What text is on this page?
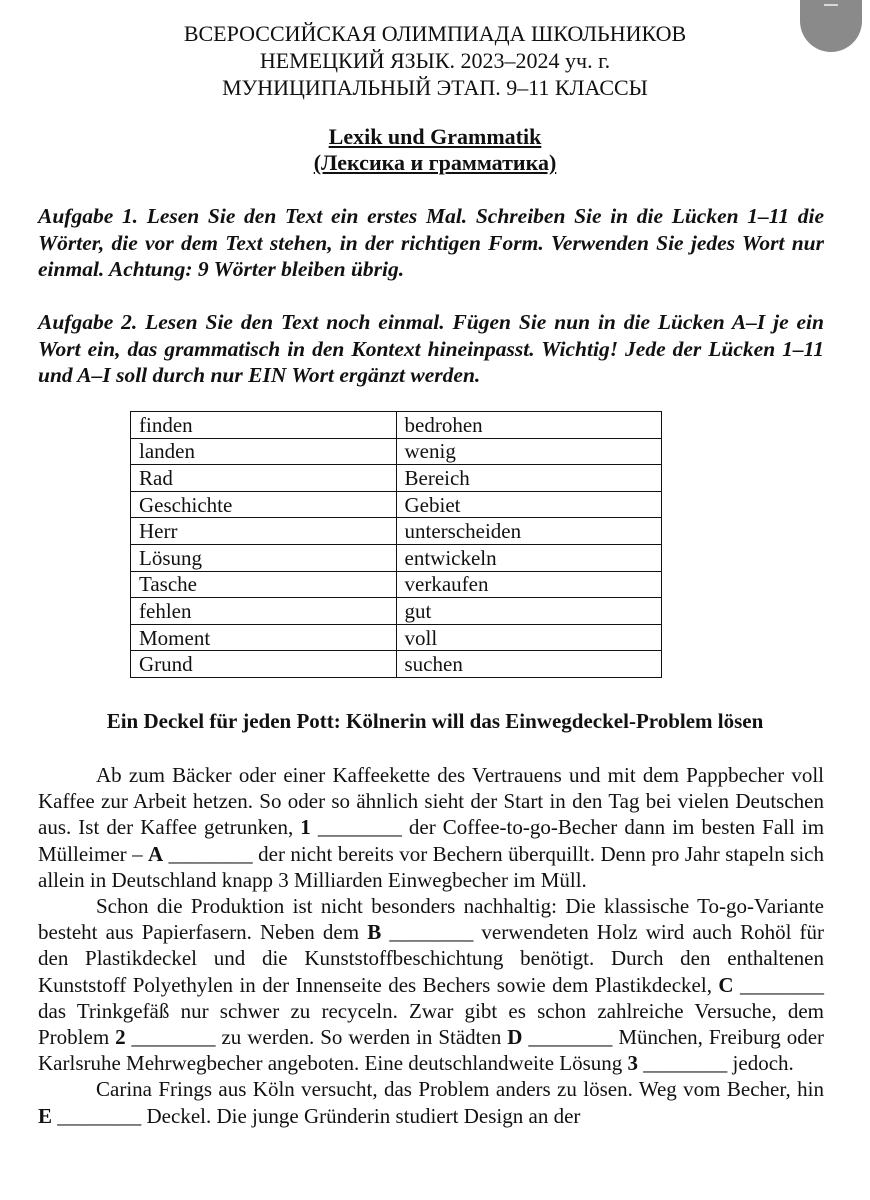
ВСЕРОССИЙСКАЯ ОЛИМПИАДА ШКОЛЬНИКОВ
НЕМЕЦКИЙ ЯЗЫК. 2023–2024 уч. г.
МУНИЦИПАЛЬНЫЙ ЭТАП. 9–11 КЛАССЫ
Lexik und Grammatik
(Лексика и грамматика)
Aufgabe 1. Lesen Sie den Text ein erstes Mal. Schreiben Sie in die Lücken 1–11 die Wörter, die vor dem Text stehen, in der richtigen Form. Verwenden Sie jedes Wort nur einmal. Achtung: 9 Wörter bleiben übrig.
Aufgabe 2. Lesen Sie den Text noch einmal. Fügen Sie nun in die Lücken A–I je ein Wort ein, das grammatisch in den Kontext hineinpasst. Wichtig! Jede der Lücken 1–11 und A–I soll durch nur EIN Wort ergänzt werden.
finden	bedrohen
landen	wenig
Rad	Bereich
Geschichte	Gebiet
Herr	unterscheiden
Lösung	entwickeln
Tasche	verkaufen
fehlen	gut
Moment	voll
Grund	suchen
Ein Deckel für jeden Pott: Kölnerin will das Einwegdeckel-Problem lösen

Ab zum Bäcker oder einer Kaffeekette des Vertrauens und mit dem Pappbecher voll Kaffee zur Arbeit hetzen. So oder so ähnlich sieht der Start in den Tag bei vielen Deutschen aus. Ist der Kaffee getrunken, 1 ________ der Coffee-to-go-Becher dann im besten Fall im Mülleimer – A ________ der nicht bereits vor Bechern überquillt. Denn pro Jahr stapeln sich allein in Deutschland knapp 3 Milliarden Einwegbecher im Müll.

Schon die Produktion ist nicht besonders nachhaltig: Die klassische To-go-Variante besteht aus Papierfasern. Neben dem B ________ verwendeten Holz wird auch Rohöl für den Plastikdeckel und die Kunststoffbeschichtung benötigt. Durch den enthaltenen Kunststoff Polyethylen in der Innenseite des Bechers sowie dem Plastikdeckel, C ________ das Trinkgefäß nur schwer zu recyceln. Zwar gibt es schon zahlreiche Versuche, dem Problem 2 ________ zu werden. So werden in Städten D ________ München, Freiburg oder Karlsruhe Mehrwegbecher angeboten. Eine deutschlandweite Lösung 3 ________ jedoch.

Carina Frings aus Köln versucht, das Problem anders zu lösen. Weg vom Becher, hin E ________ Deckel. Die junge Gründerin studiert Design an der
